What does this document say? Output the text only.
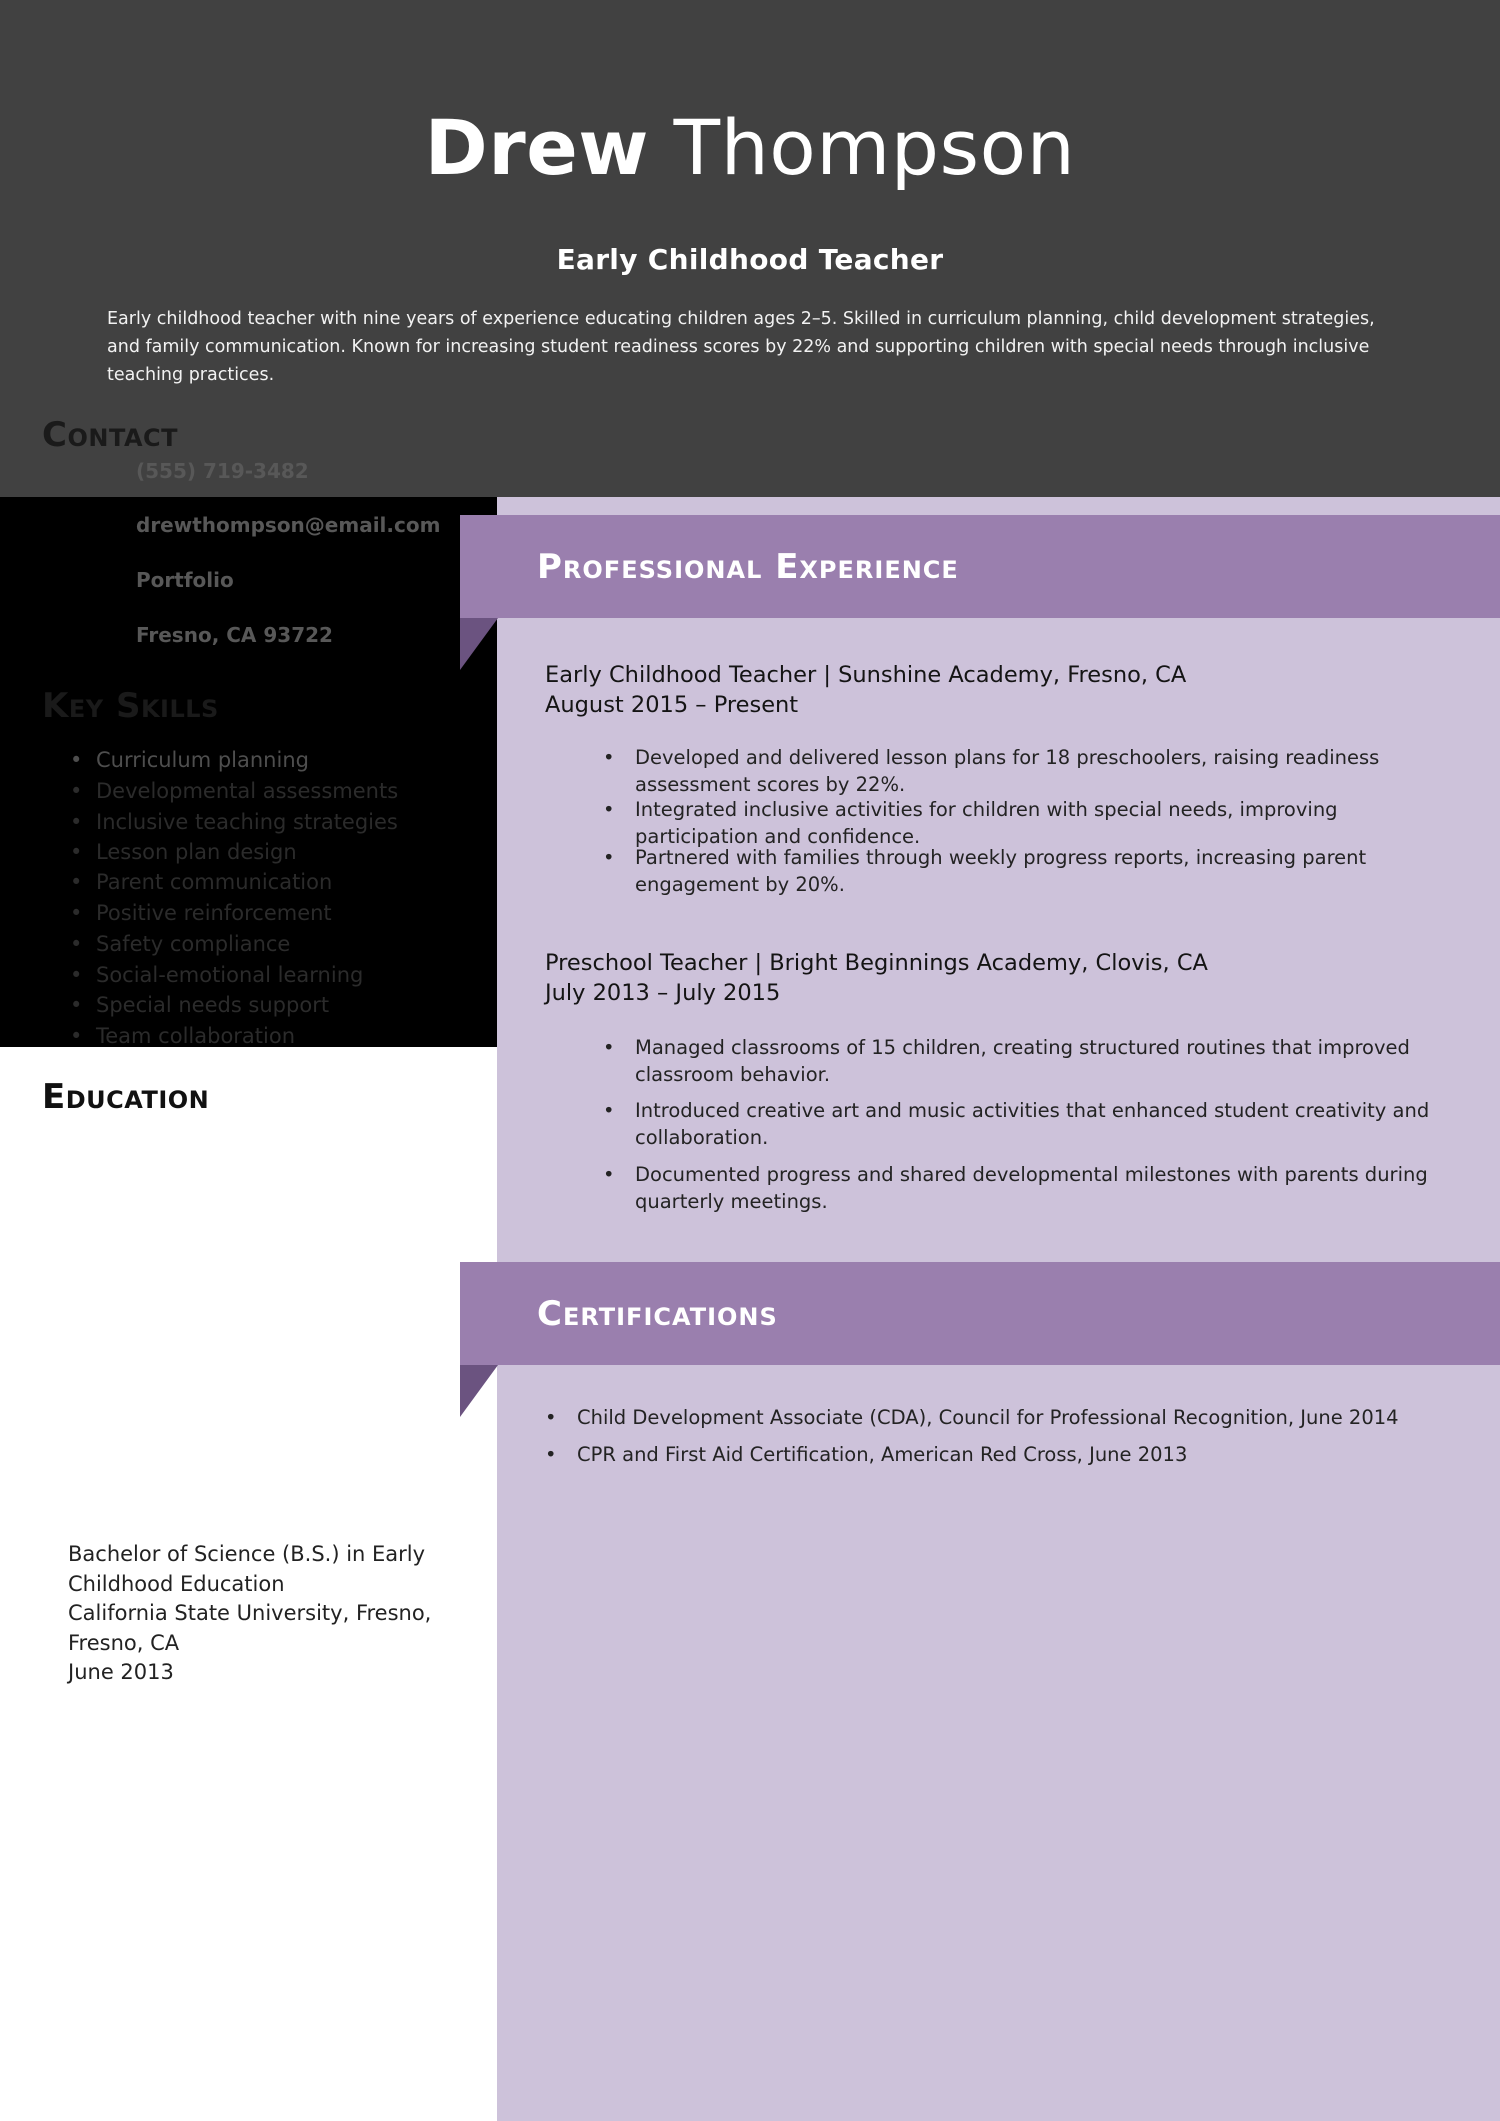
Drew Thompson
Early Childhood Teacher
Early childhood teacher with nine years of experience educating children ages 2–5. Skilled in curriculum planning, child development strategies, and family communication. Known for increasing student readiness scores by 22% and supporting children with special needs through inclusive teaching practices.
Contact
(555) 719-3482
drewthompson@email.com
Portfolio
Fresno, CA 93722
Key Skills
• Curriculum planning
• Developmental assessments
• Inclusive teaching strategies
• Lesson plan design
• Parent communication
• Positive reinforcement
• Safety compliance
• Social-emotional learning
• Special needs support
• Team collaboration
Education
Bachelor of Science (B.S.) in Early Childhood Education
California State University, Fresno,
Fresno, CA
June 2013
Professional Experience
Early Childhood Teacher | Sunshine Academy, Fresno, CA
August 2015 – Present
• Developed and delivered lesson plans for 18 preschoolers, raising readiness assessment scores by 22%.
• Integrated inclusive activities for children with special needs, improving participation and confidence.
• Partnered with families through weekly progress reports, increasing parent engagement by 20%.
Preschool Teacher | Bright Beginnings Academy, Clovis, CA
July 2013 – July 2015
• Managed classrooms of 15 children, creating structured routines that improved classroom behavior.
• Introduced creative art and music activities that enhanced student creativity and collaboration.
• Documented progress and shared developmental milestones with parents during quarterly meetings.
Certifications
• Child Development Associate (CDA), Council for Professional Recognition, June 2014
• CPR and First Aid Certification, American Red Cross, June 2013
